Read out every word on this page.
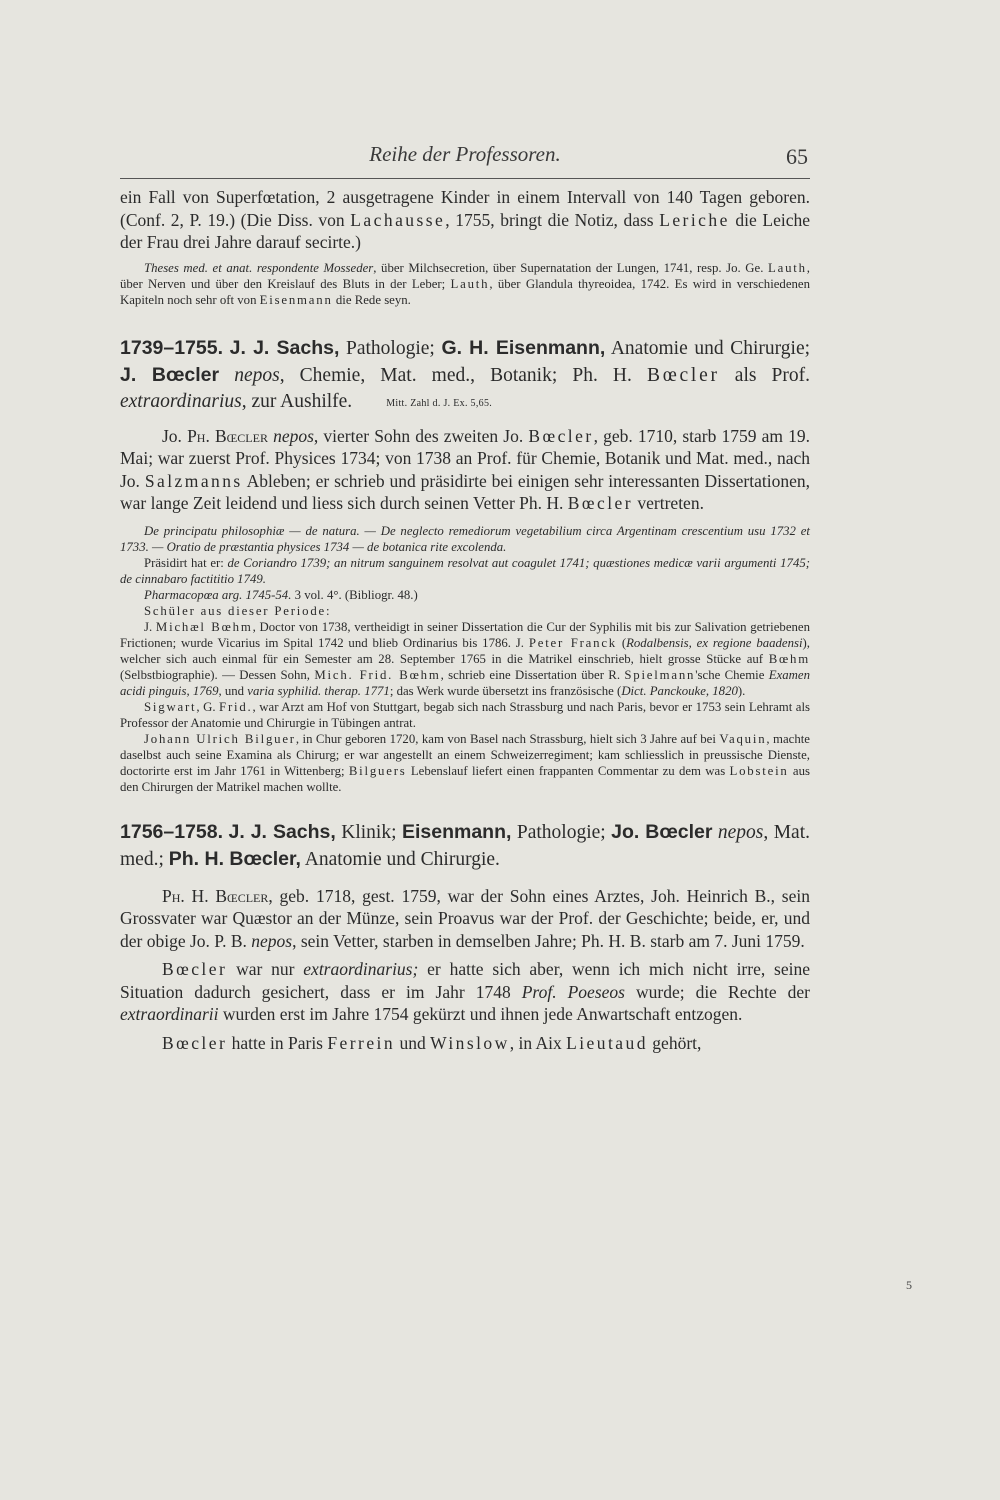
Reihe der Professoren.	65

ein Fall von Superfœtation, 2 ausgetragene Kinder in einem Intervall von 140 Tagen geboren. (Conf. 2, P. 19.) (Die Diss. von Lachausse, 1755, bringt die Notiz, dass Leriche die Leiche der Frau drei Jahre darauf secirte.)

Theses med. et anat. respondente Mosseder, über Milchsecretion, über Supernatation der Lungen, 1741, resp. Jo. Ge. Lauth, über Nerven und über den Kreislauf des Bluts in der Leber; Lauth, über Glandula thyreoidea, 1742. Es wird in verschiedenen Kapiteln noch sehr oft von Eisenmann die Rede seyn.

1739–1755. J. J. Sachs, Pathologie; G. H. Eisenmann, Anatomie und Chirurgie; J. Bœcler nepos, Chemie, Mat. med., Botanik; Ph. H. Bœcler als Prof. extraordinarius, zur Aushilfe.	Mitt. Zahl d. J. Ex. 5,65.

Jo. Ph. Bœcler nepos, vierter Sohn des zweiten Jo. Bœcler, geb. 1710, starb 1759 am 19. Mai; war zuerst Prof. Physices 1734; von 1738 an Prof. für Chemie, Botanik und Mat. med., nach Jo. Salzmanns Ableben; er schrieb und präsidirte bei einigen sehr interessanten Dissertationen, war lange Zeit leidend und liess sich durch seinen Vetter Ph. H. Bœcler vertreten.

De principatu philosophiæ — de natura. — De neglecto remediorum vegetabilium circa Argentinam crescentium usu 1732 et 1733. — Oratio de præstantia physices 1734 — de botanica rite excolenda.

Präsidirt hat er: de Coriandro 1739; an nitrum sanguinem resolvat aut coagulet 1741; quæstiones medicæ varii argumenti 1745; de cinnabaro factititio 1749.

Pharmacopœa arg. 1745-54. 3 vol. 4°. (Bibliogr. 48.)

Schüler aus dieser Periode:

J. Michæl Bœhm, Doctor von 1738, vertheidigt in seiner Dissertation die Cur der Syphilis mit bis zur Salivation getriebenen Frictionen; wurde Vicarius im Spital 1742 und blieb Ordinarius bis 1786. J. Peter Franck (Rodalbensis, ex regione baadensi), welcher sich auch einmal für ein Semester am 28. September 1765 in die Matrikel einschrieb, hielt grosse Stücke auf Bœhm (Selbstbiographie). — Dessen Sohn, Mich. Frid. Bœhm, schrieb eine Dissertation über R. Spielmann'sche Chemie Examen acidi pinguis, 1769, und varia syphilid. therap. 1771; das Werk wurde übersetzt ins französische (Dict. Panckouke, 1820).

Sigwart, G. Frid., war Arzt am Hof von Stuttgart, begab sich nach Strassburg und nach Paris, bevor er 1753 sein Lehramt als Professor der Anatomie und Chirurgie in Tübingen antrat.

Johann Ulrich Bilguer, in Chur geboren 1720, kam von Basel nach Strassburg, hielt sich 3 Jahre auf bei Vaquin, machte daselbst auch seine Examina als Chirurg; er war angestellt an einem Schweizerregiment; kam schliesslich in preussische Dienste, doctorirte erst im Jahr 1761 in Wittenberg; Bilguers Lebenslauf liefert einen frappanten Commentar zu dem was Lobstein aus den Chirurgen der Matrikel machen wollte.

1756–1758. J. J. Sachs, Klinik; Eisenmann, Pathologie; Jo. Bœcler nepos, Mat. med.; Ph. H. Bœcler, Anatomie und Chirurgie.

Ph. H. Bœcler, geb. 1718, gest. 1759, war der Sohn eines Arztes, Joh. Heinrich B., sein Grossvater war Quæstor an der Münze, sein Proavus war der Prof. der Geschichte; beide, er, und der obige Jo. P. B. nepos, sein Vetter, starben in demselben Jahre; Ph. H. B. starb am 7. Juni 1759.

Bœcler war nur extraordinarius; er hatte sich aber, wenn ich mich nicht irre, seine Situation dadurch gesichert, dass er im Jahr 1748 Prof. Poeseos wurde; die Rechte der extraordinarii wurden erst im Jahre 1754 gekürzt und ihnen jede Anwartschaft entzogen.

Bœcler hatte in Paris Ferrein und Winslow, in Aix Lieutaud gehört,

5
